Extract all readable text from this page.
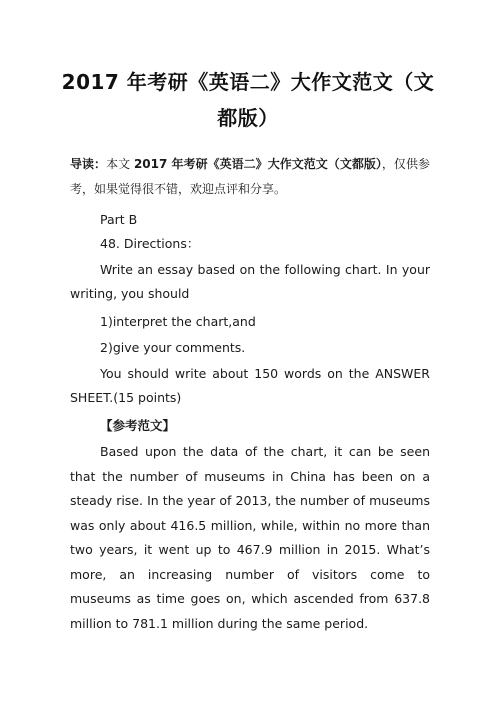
2017 年考研《英语二》大作文范文（文都版）
导读：本文 2017 年考研《英语二》大作文范文（文都版），仅供参考，如果觉得很不错，欢迎点评和分享。
Part B
48. Directions：
Write an essay based on the following chart. In your writing, you should
1)interpret the chart,and
2)give your comments.
You should write about 150 words on the ANSWER SHEET.(15 points)
【参考范文】
Based upon the data of the chart, it can be seen that the number of museums in China has been on a steady rise. In the year of 2013, the number of museums was only about 416.5 million, while, within no more than two years, it went up to 467.9 million in 2015. What’s more, an increasing number of visitors come to museums as time goes on, which ascended from 637.8 million to 781.1 million during the same period.
